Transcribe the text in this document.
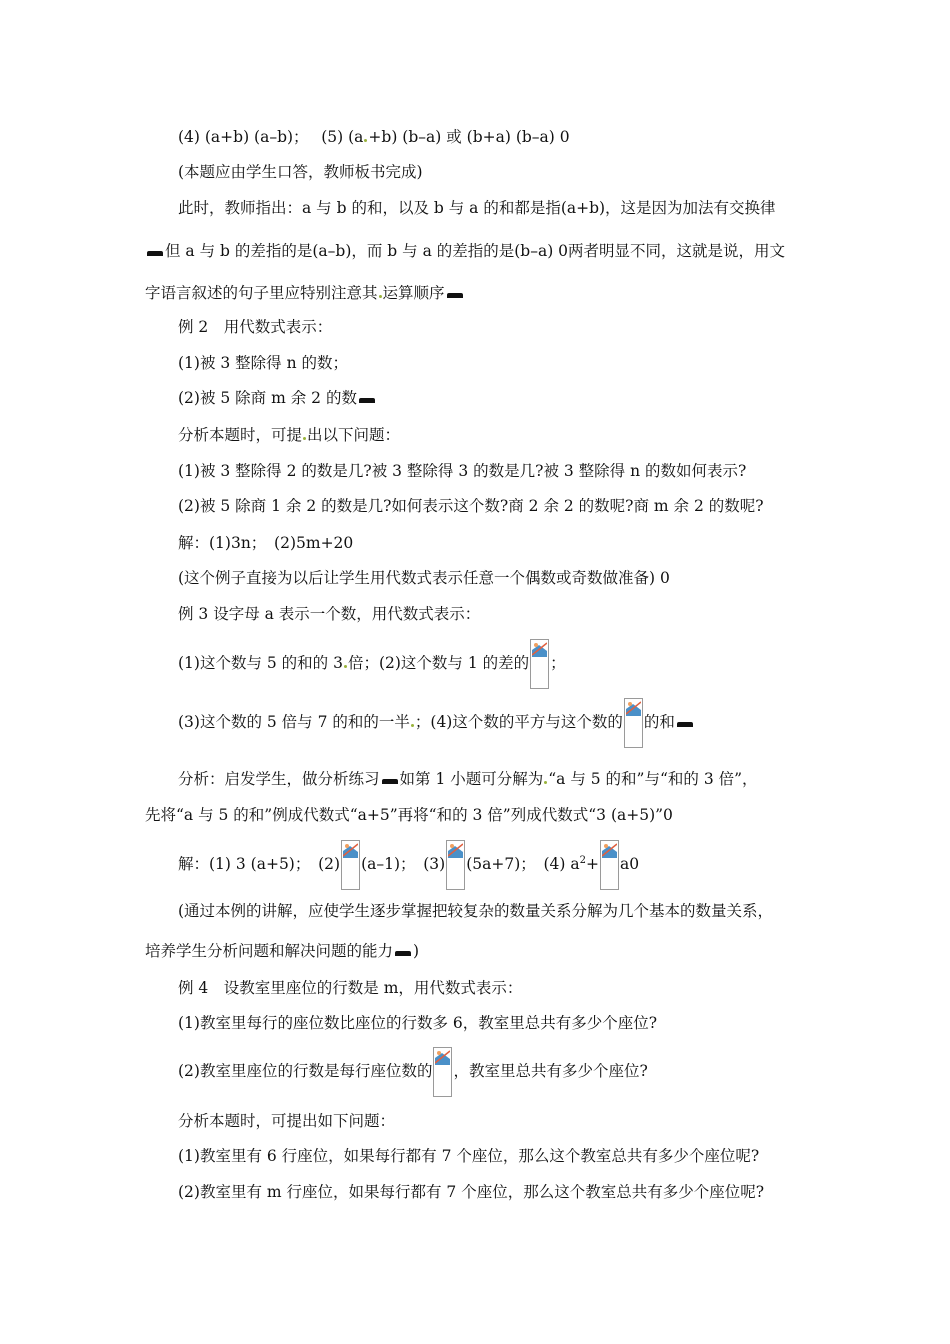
(4) (a+b) (a–b)；　 (5) (a +b) (b–a) 或 (b+a) (b–a) 0
(本题应由学生口答，教师板书完成)
此时，教师指出：a 与 b 的和，以及 b 与 a 的和都是指(a+b)，这是因为加法有交换律
但 a 与 b 的差指的是(a–b)，而 b 与 a 的差指的是(b–a) 0两者明显不同，这就是说，用文
字语言叙述的句子里应特别注意其 运算顺序
例 2　用代数式表示：
(1)被 3 整除得 n 的数；
(2)被 5 除商 m 余 2 的数
分析本题时，可提 出以下问题：
(1)被 3 整除得 2 的数是几?被 3 整除得 3 的数是几?被 3 整除得 n 的数如何表示?
(2)被 5 除商 1 余 2 的数是几?如何表示这个数?商 2 余 2 的数呢?商 m 余 2 的数呢?
解：(1)3n；　(2)5m+20
(这个例子直接为以后让学生用代数式表示任意一个偶数或奇数做准备) 0
例 3 设字母 a 表示一个数，用代数式表示：
(1)这个数与 5 的和的 3 倍；(2)这个数与 1 的差的 ；
(3)这个数的 5 倍与 7 的和的一半 ；(4)这个数的平方与这个数的 的和
分析：启发学生，做分析练习 如第 1 小题可分解为 “a 与 5 的和”与“和的 3 倍”，
先将“a 与 5 的和”例成代数式“a+5”再将“和的 3 倍”列成代数式“3 (a+5)”0
解：(1) 3 (a+5)；　(2) (a–1)；　(3) (5a+7)；　(4) $a^2+ a0$
(通过本例的讲解，应使学生逐步掌握把较复杂的数量关系分解为几个基本的数量关系，
培养学生分析问题和解决问题的能力 )
例 4　设教室里座位的行数是 m，用代数式表示：
(1)教室里每行的座位数比座位的行数多 6，教室里总共有多少个座位?
(2)教室里座位的行数是每行座位数的 ，教室里总共有多少个座位?
分析本题时，可提出如下问题：
(1)教室里有 6 行座位，如果每行都有 7 个座位，那么这个教室总共有多少个座位呢?
(2)教室里有 m 行座位，如果每行都有 7 个座位，那么这个教室总共有多少个座位呢?
